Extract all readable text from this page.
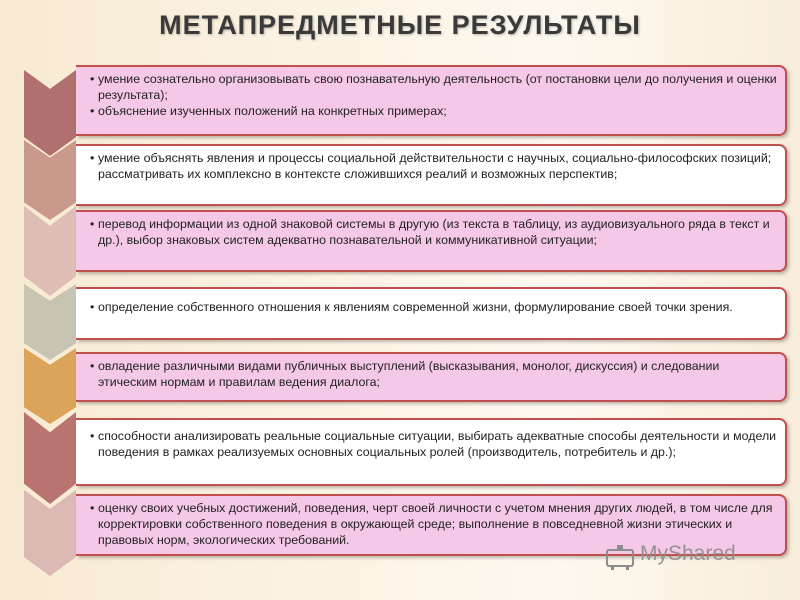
МЕТАПРЕДМЕТНЫЕ РЕЗУЛЬТАТЫ
• умение сознательно организовывать свою познавательную деятельность (от постановки цели до получения и оценки результата);
• объяснение изученных положений на конкретных примерах;
• умение объяснять явления и процессы социальной действительности с научных, социально-философских позиций; рассматривать их комплексно в контексте сложившихся реалий и возможных перспектив;
• перевод информации из одной знаковой системы в другую (из текста в таблицу, из аудиовизуального ряда в текст и др.), выбор знаковых систем адекватно познавательной и коммуникативной ситуации;
• определение собственного отношения к явлениям современной жизни, формулирование своей точки зрения.
• овладение различными видами публичных выступлений (высказывания, монолог, дискуссия) и следовании этическим нормам и правилам ведения диалога;
• способности анализировать реальные социальные ситуации, выбирать адекватные способы деятельности и модели поведения в рамках реализуемых основных социальных ролей (производитель, потребитель и др.);
• оценку своих учебных достижений, поведения, черт своей личности с учетом мнения других людей, в том числе для корректировки собственного поведения в окружающей среде; выполнение в повседневной жизни этических и правовых норм, экологических требований.
MyShared
